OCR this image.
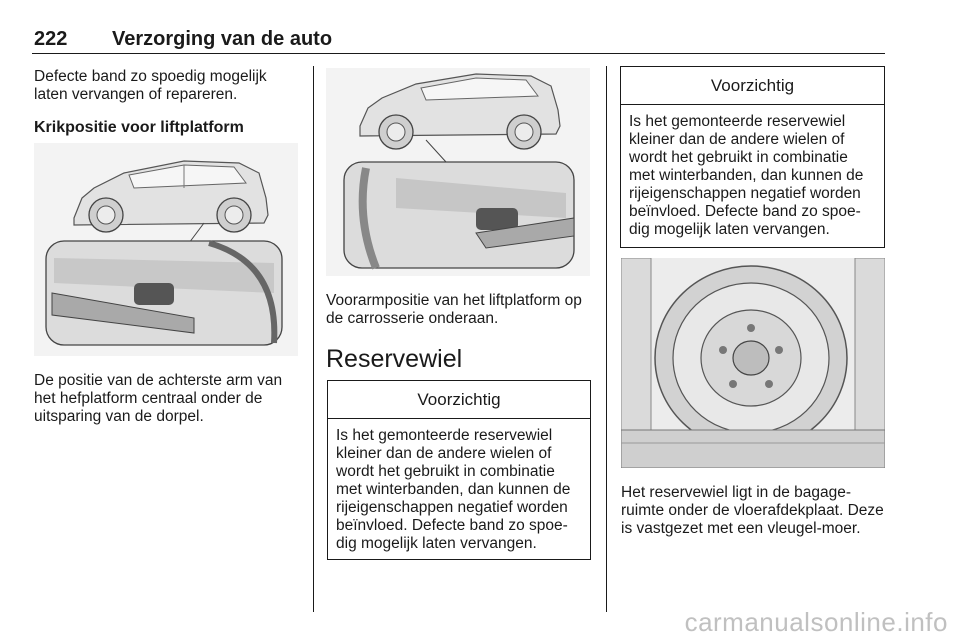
222 Verzorging van de auto

Defecte band zo spoedig mogelijk laten vervangen of repareren.

Krikpositie voor liftplatform

De positie van de achterste arm van het hefplatform centraal onder de uitsparing van de dorpel.

Voorarmpositie van het liftplatform op de carrosserie onderaan.

Reservewiel
Voorzichtig
Is het gemonteerde reservewiel kleiner dan de andere wielen of wordt het gebruikt in combinatie met winterbanden, dan kunnen de rijeigenschappen negatief worden beïnvloed. Defecte band zo spoe-dig mogelijk laten vervangen.
Voorzichtig
Is het gemonteerde reservewiel kleiner dan de andere wielen of wordt het gebruikt in combinatie met winterbanden, dan kunnen de rijeigenschappen negatief worden beïnvloed. Defecte band zo spoe-dig mogelijk laten vervangen.

Het reservewiel ligt in de bagage-ruimte onder de vloerafdekplaat. Deze is vastgezet met een vleugel-moer.

carmanualsonline.info
